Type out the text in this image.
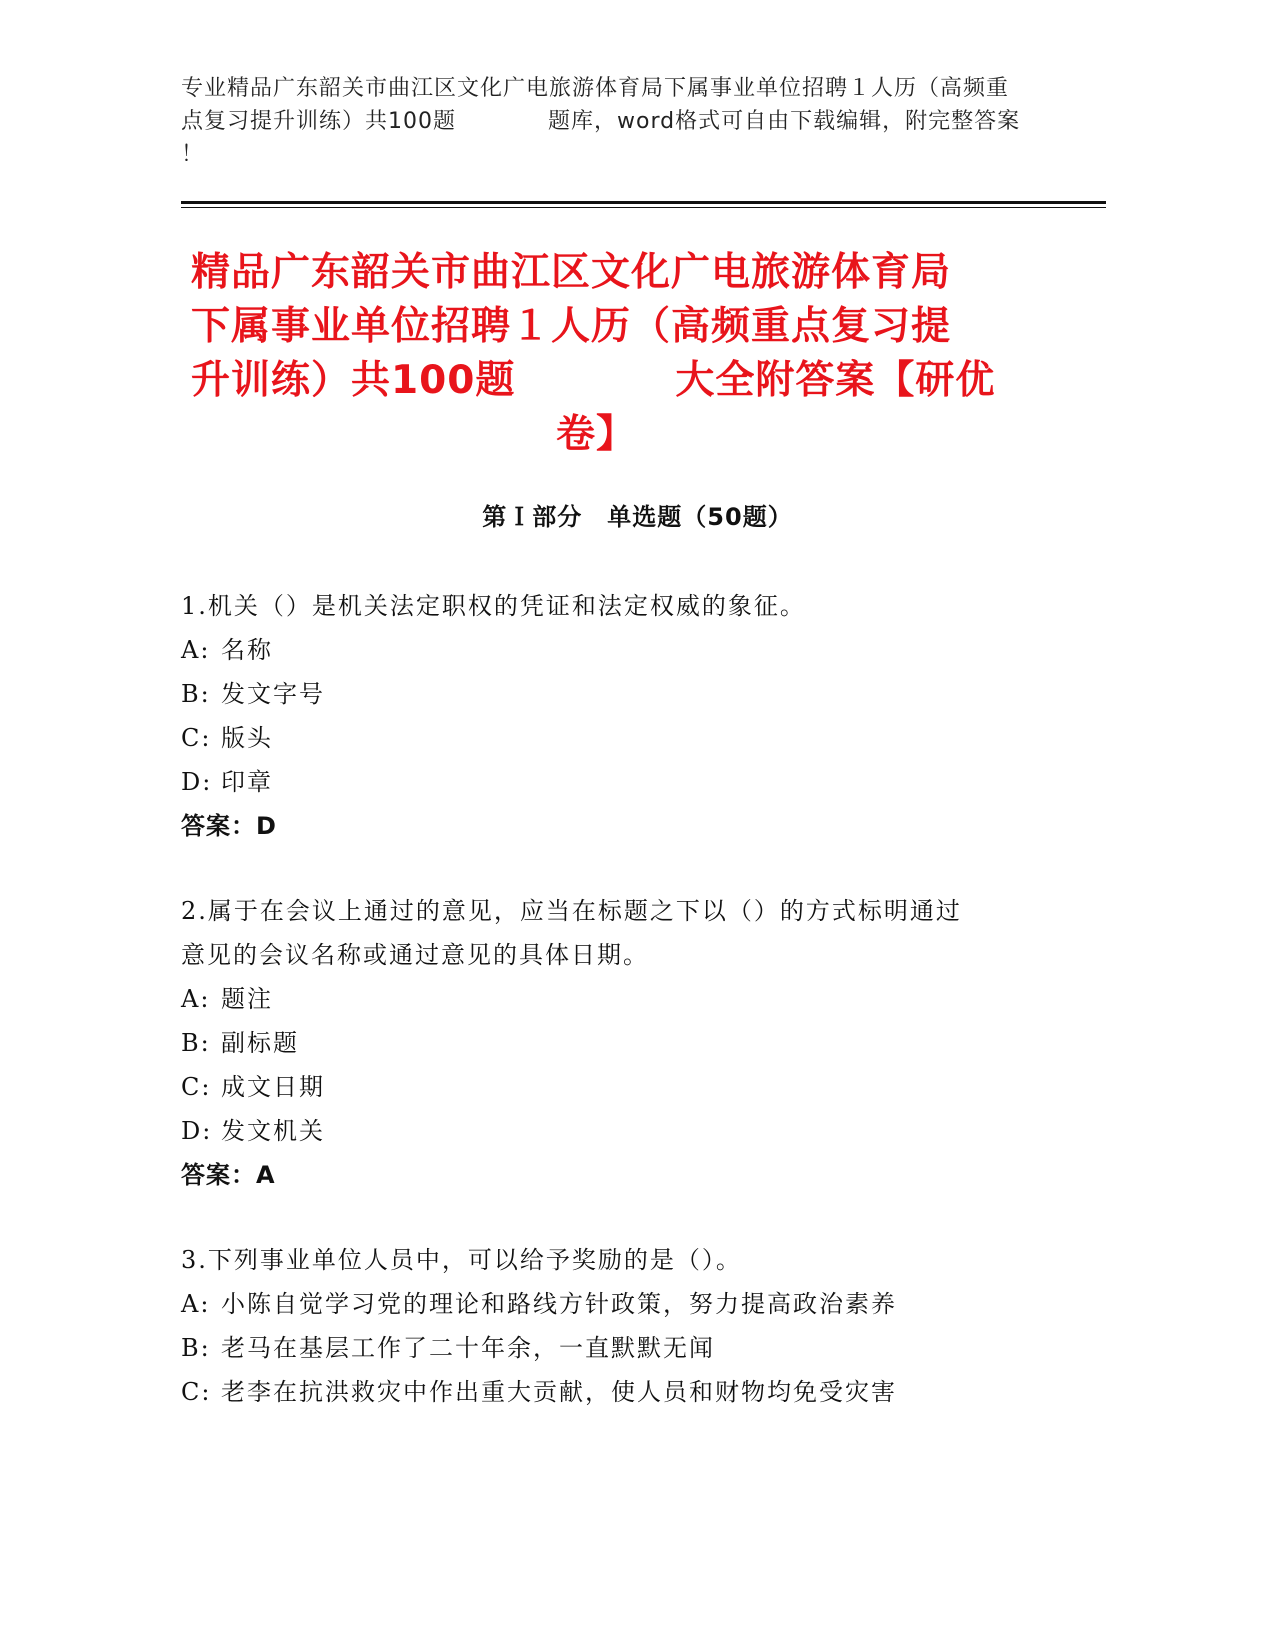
专业精品广东韶关市曲江区文化广电旅游体育局下属事业单位招聘１人历（高频重
点复习提升训练）共100题　　　　题库，word格式可自由下载编辑，附完整答案
！
精品广东韶关市曲江区文化广电旅游体育局
下属事业单位招聘１人历（高频重点复习提
升训练）共100题　　　　大全附答案【研优
卷】
第Ｉ部分　单选题（50题）
1.机关（）是机关法定职权的凭证和法定权威的象征。
A: 名称
B: 发文字号
C: 版头
D: 印章
答案：D
2.属于在会议上通过的意见，应当在标题之下以（）的方式标明通过
意见的会议名称或通过意见的具体日期。
A: 题注
B: 副标题
C: 成文日期
D: 发文机关
答案：A
3.下列事业单位人员中，可以给予奖励的是（）。
A: 小陈自觉学习党的理论和路线方针政策，努力提高政治素养
B: 老马在基层工作了二十年余，一直默默无闻
C: 老李在抗洪救灾中作出重大贡献，使人员和财物均免受灾害
